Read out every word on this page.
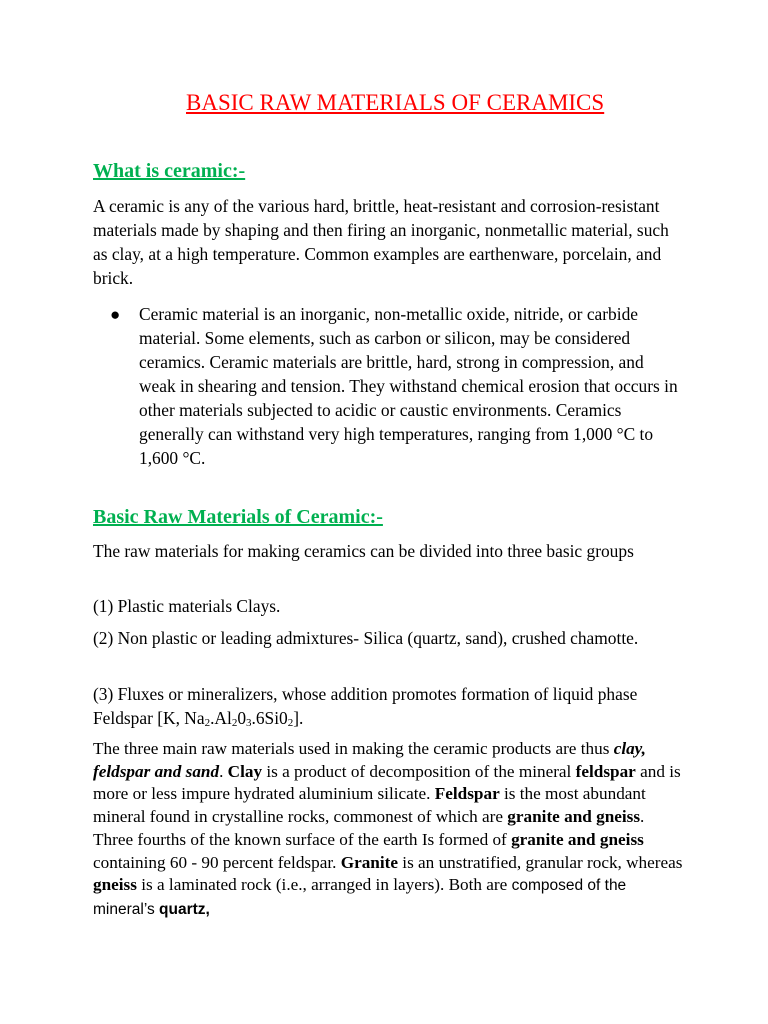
BASIC RAW MATERIALS OF CERAMICS
What is ceramic:-

A ceramic is any of the various hard, brittle, heat-resistant and corrosion-resistant materials made by shaping and then firing an inorganic, nonmetallic material, such as clay, at a high temperature. Common examples are earthenware, porcelain, and brick.

● Ceramic material is an inorganic, non-metallic oxide, nitride, or carbide material. Some elements, such as carbon or silicon, may be considered ceramics. Ceramic materials are brittle, hard, strong in compression, and weak in shearing and tension. They withstand chemical erosion that occurs in other materials subjected to acidic or caustic environments. Ceramics generally can withstand very high temperatures, ranging from 1,000 °C to 1,600 °C.

Basic Raw Materials of Ceramic:-

The raw materials for making ceramics can be divided into three basic groups

(1) Plastic materials Clays.

(2) Non plastic or leading admixtures- Silica (quartz, sand), crushed chamotte.

(3) Fluxes or mineralizers, whose addition promotes formation of liquid phase Feldspar [K, $Na_2.Al_20_3.6Si0_2$].

The three main raw materials used in making the ceramic products are thus clay, feldspar and sand. Clay is a product of decomposition of the mineral feldspar and is more or less impure hydrated aluminium silicate. Feldspar is the most abundant mineral found in crystalline rocks, commonest of which are granite and gneiss. Three fourths of the known surface of the earth Is formed of granite and gneiss containing 60 - 90 percent feldspar. Granite is an unstratified, granular rock, whereas gneiss is a laminated rock (i.e., arranged in layers). Both are composed of the mineral’s quartz,
